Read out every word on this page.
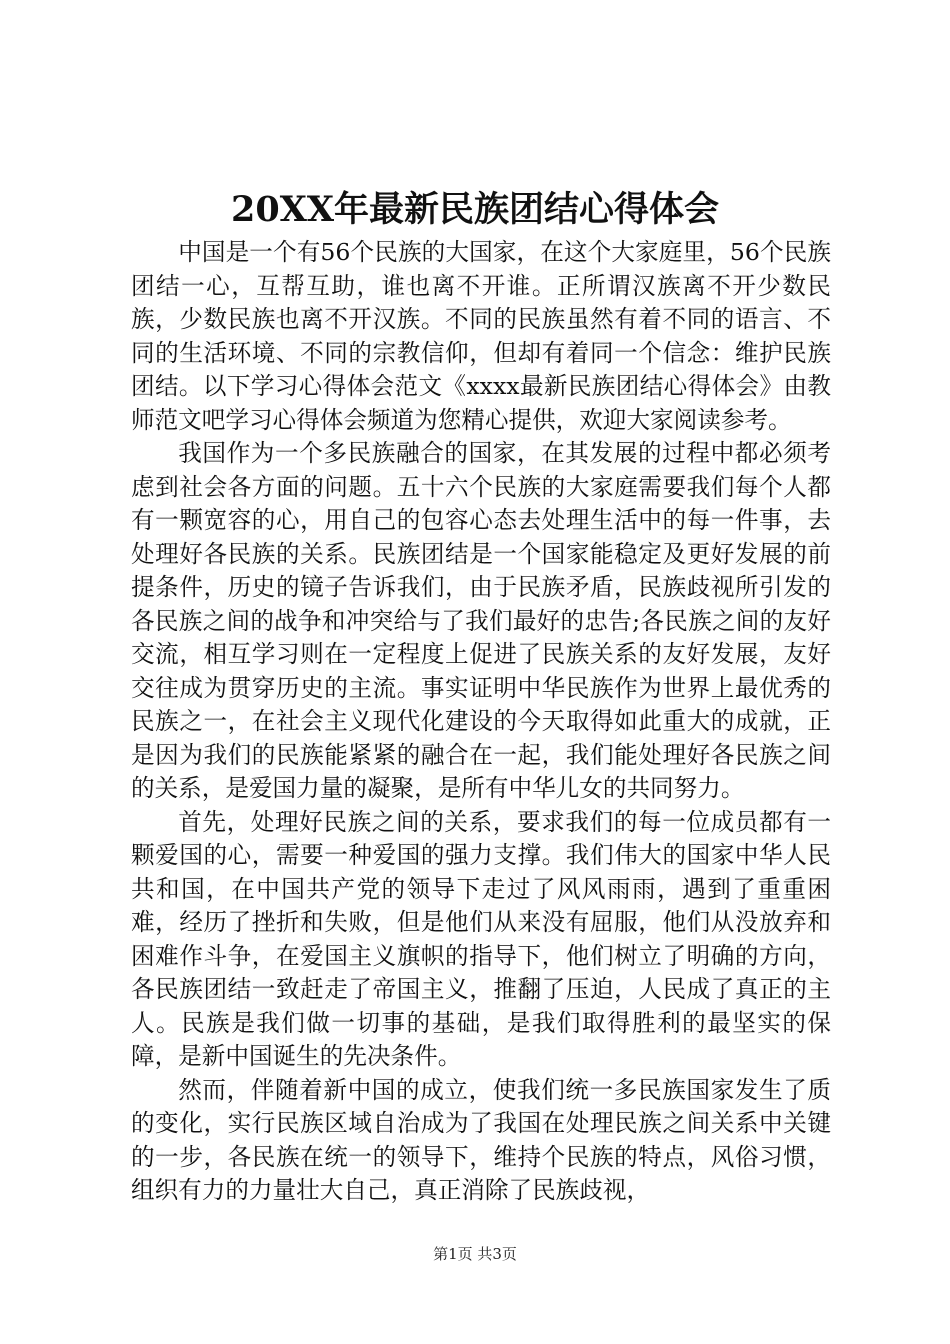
20XX年最新民族团结心得体会

中国是一个有56个民族的大国家，在这个大家庭里，56个民族团结一心，互帮互助，谁也离不开谁。正所谓汉族离不开少数民族，少数民族也离不开汉族。不同的民族虽然有着不同的语言、不同的生活环境、不同的宗教信仰，但却有着同一个信念：维护民族团结。以下学习心得体会范文《xxxx最新民族团结心得体会》由教师范文吧学习心得体会频道为您精心提供，欢迎大家阅读参考。

我国作为一个多民族融合的国家，在其发展的过程中都必须考虑到社会各方面的问题。五十六个民族的大家庭需要我们每个人都有一颗宽容的心，用自己的包容心态去处理生活中的每一件事，去处理好各民族的关系。民族团结是一个国家能稳定及更好发展的前提条件，历史的镜子告诉我们，由于民族矛盾，民族歧视所引发的各民族之间的战争和冲突给与了我们最好的忠告;各民族之间的友好交流，相互学习则在一定程度上促进了民族关系的友好发展，友好交往成为贯穿历史的主流。事实证明中华民族作为世界上最优秀的民族之一，在社会主义现代化建设的今天取得如此重大的成就，正是因为我们的民族能紧紧的融合在一起，我们能处理好各民族之间的关系，是爱国力量的凝聚，是所有中华儿女的共同努力。

首先，处理好民族之间的关系，要求我们的每一位成员都有一颗爱国的心，需要一种爱国的强力支撑。我们伟大的国家中华人民共和国，在中国共产党的领导下走过了风风雨雨，遇到了重重困难，经历了挫折和失败，但是他们从来没有屈服，他们从没放弃和困难作斗争，在爱国主义旗帜的指导下，他们树立了明确的方向，各民族团结一致赶走了帝国主义，推翻了压迫，人民成了真正的主人。民族是我们做一切事的基础，是我们取得胜利的最坚实的保障，是新中国诞生的先决条件。

然而，伴随着新中国的成立，使我们统一多民族国家发生了质的变化，实行民族区域自治成为了我国在处理民族之间关系中关键的一步，各民族在统一的领导下，维持个民族的特点，风俗习惯，组织有力的力量壮大自己，真正消除了民族歧视，

第1页 共3页
